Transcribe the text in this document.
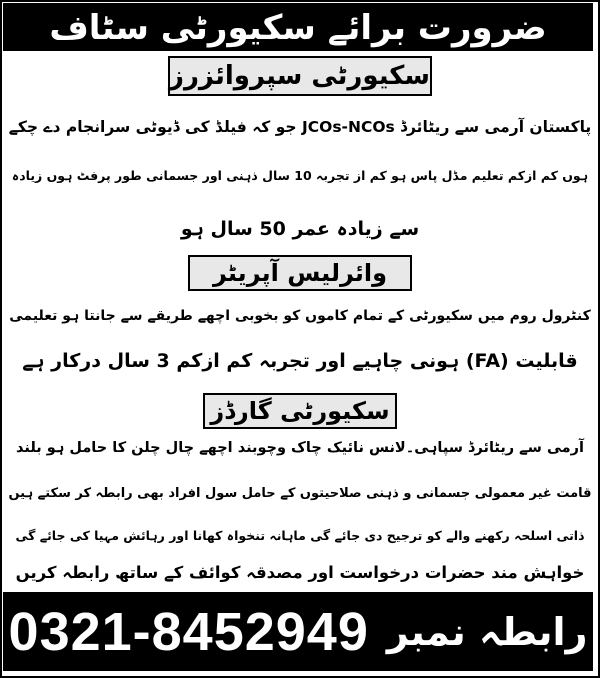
ضرورت برائے سکیورٹی سٹاف
سکیورٹی سپروائزرز
پاکستان آرمی سے ریٹائرڈ JCOs-NCOs جو کہ فیلڈ کی ڈیوٹی سرانجام دے چکے
ہوں کم ازکم تعلیم مڈل پاس ہو کم از تجربہ 10 سال ذہنی اور جسمانی طور پرفٹ ہوں زیادہ
سے زیادہ عمر 50 سال ہو
وائرلیس آپریٹر
کنٹرول روم میں سکیورٹی کے تمام کاموں کو بخوبی اچھے طریقے سے جانتا ہو تعلیمی
قابلیت (FA) ہونی چاہیے اور تجربہ کم ازکم 3 سال درکار ہے
سکیورٹی گارڈز
آرمی سے ریٹائرڈ سپاہی۔لانس نائیک چاک وچوبند اچھے چال چلن کا حامل ہو بلند
قامت غیر معمولی جسمانی و ذہنی صلاحیتوں کے حامل سول افراد بھی رابطہ کر سکتے ہیں
ذاتی اسلحہ رکھنے والے کو ترجیح دی جائے گی ماہانہ تنخواہ کھانا اور رہائش مہیا کی جائے گی
خواہش مند حضرات درخواست اور مصدقہ کوائف کے ساتھ رابطہ کریں
0321-8452949 رابطہ نمبر
